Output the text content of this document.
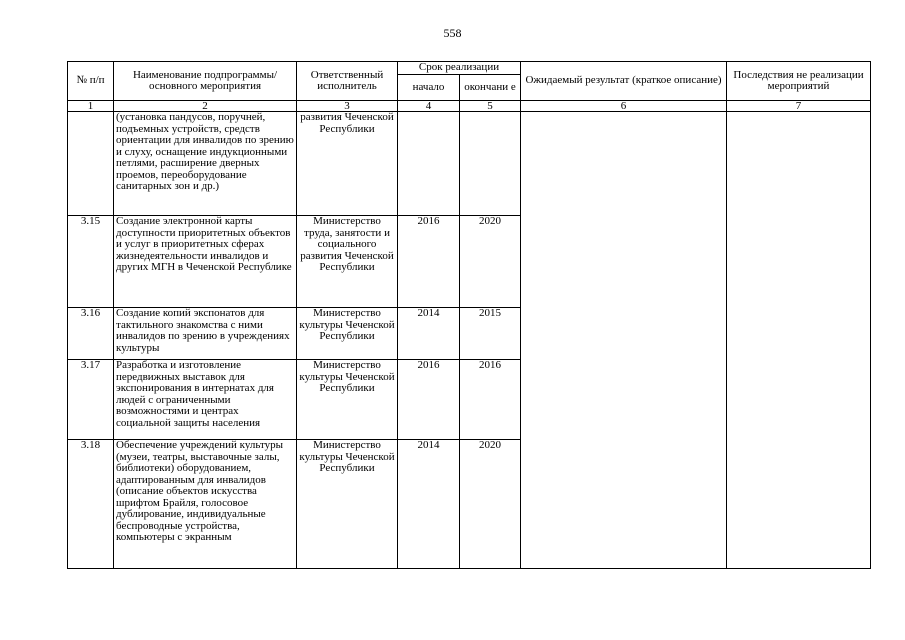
558
№ п/п	Наименование подпрограммы/ основного мероприятия	Ответственный исполнитель	Срок реализации		Ожидаемый результат (краткое описание)	Последствия не реализации мероприятий
			начало	окончани е		
1	2	3	4	5	6	7
	(установка пандусов, поручней, подъемных устройств, средств ориентации для инвалидов по зрению и слуху, оснащение индукционными петлями, расширение дверных проемов, переоборудование санитарных зон и др.)	развития Чеченской Республики				
3.15	Создание электронной карты доступности приоритетных объектов и услуг в приоритетных сферах жизнедеятельности инвалидов и других МГН в Чеченской Республике	Министерство труда, занятости и социального развития Чеченской Республики	2016	2020		
3.16	Создание копий экспонатов для тактильного знакомства с ними инвалидов по зрению в учреждениях культуры	Министерство культуры Чеченской Республики	2014	2015		
3.17	Разработка и изготовление передвижных выставок для экспонирования в интернатах для людей с ограниченными возможностями и центрах социальной защиты населения	Министерство культуры Чеченской Республики	2016	2016		
3.18	Обеспечение учреждений культуры (музеи, театры, выставочные залы, библиотеки) оборудованием, адаптированным для инвалидов (описание объектов искусства шрифтом Брайля, голосовое дублирование, индивидуальные беспроводные устройства, компьютеры с экранным	Министерство культуры Чеченской Республики	2014	2020		
